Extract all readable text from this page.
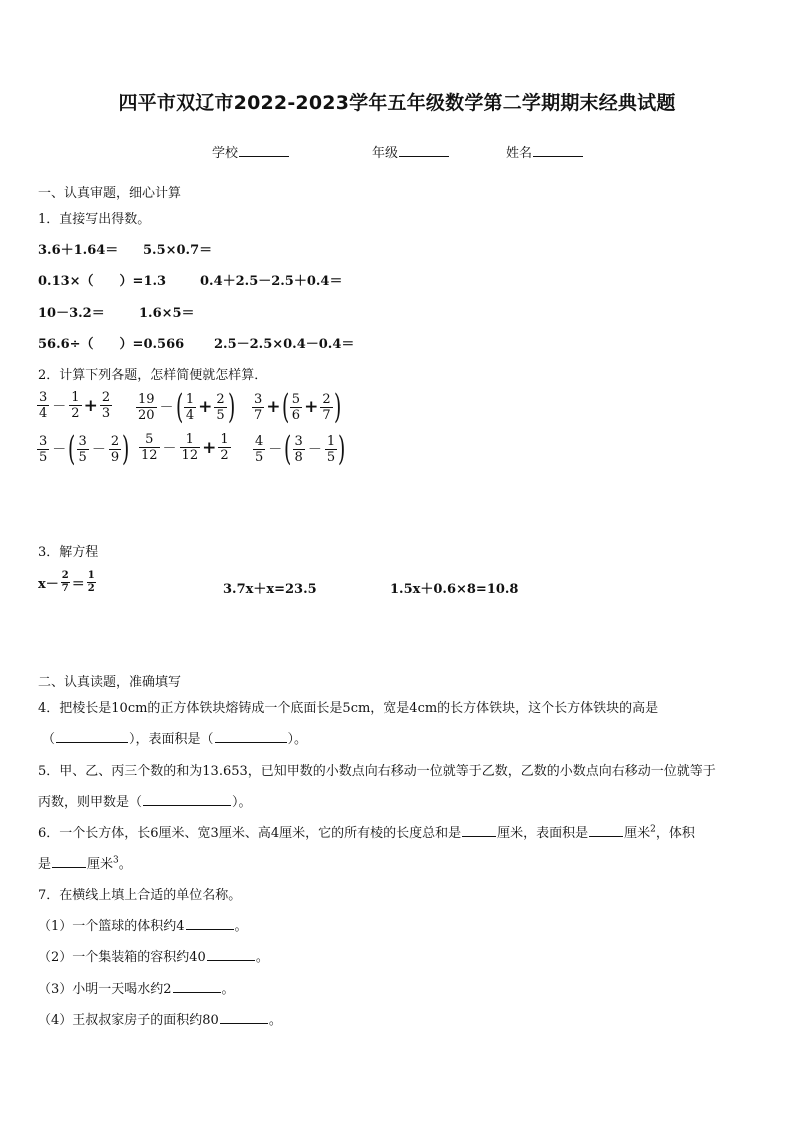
四平市双辽市2022-2023学年五年级数学第二学期期末经典试题
学校	年级	姓名
一、认真审题，细心计算
1．直接写出得数。
3.6＋1.64＝ 5.5×0.7＝
0.13×（　　）=1.3	0.4＋2.5－2.5＋0.4＝
10－3.2＝	1.6×5＝
56.6÷（　　）=0.566 2.5－2.5×0.4－0.4＝
2．计算下列各题，怎样简便就怎样算．
$\frac{3}{4} - \frac{1}{2} + \frac{2}{3} \frac{19}{20}$ － ( $\frac{1}{4} + \frac{2}{5}$ ) $\frac{3}{7}$ + ( $\frac{5}{6} + \frac{2}{7}$ )
$\frac{3}{5}$ － ( $\frac{3}{5} - \frac{2}{9}$ ) $\frac{5}{12} - \frac{1}{12} + \frac{1}{2} \frac{4}{5}$ － ( $\frac{3}{8} - \frac{1}{5}$ )
3．解方程
x－
2
7 ＝
1
2	3.7x＋x=23.5	1.5x＋0.6×8=10.8
二、认真读题，准确填写
4．把棱长是10cm的正方体铁块熔铸成一个底面长是5cm，宽是4cm的长方体铁块，这个长方体铁块的高是
（	），表面积是（	）。
5．甲、乙、丙三个数的和为13.653，已知甲数的小数点向右移动一位就等于乙数，乙数的小数点向右移动一位就等于
丙数，则甲数是（	）。
6．一个长方体，长6厘米、宽3厘米、高4厘米，它的所有棱的长度总和是	厘米，表面积是	厘米$^2$，体积
是	厘米$^3$。
7．在横线上填上合适的单位名称。
（1）一个篮球的体积约4	。
（2）一个集装箱的容积约40	。
（3）小明一天喝水约2	。
（4）王叔叔家房子的面积约80	。
